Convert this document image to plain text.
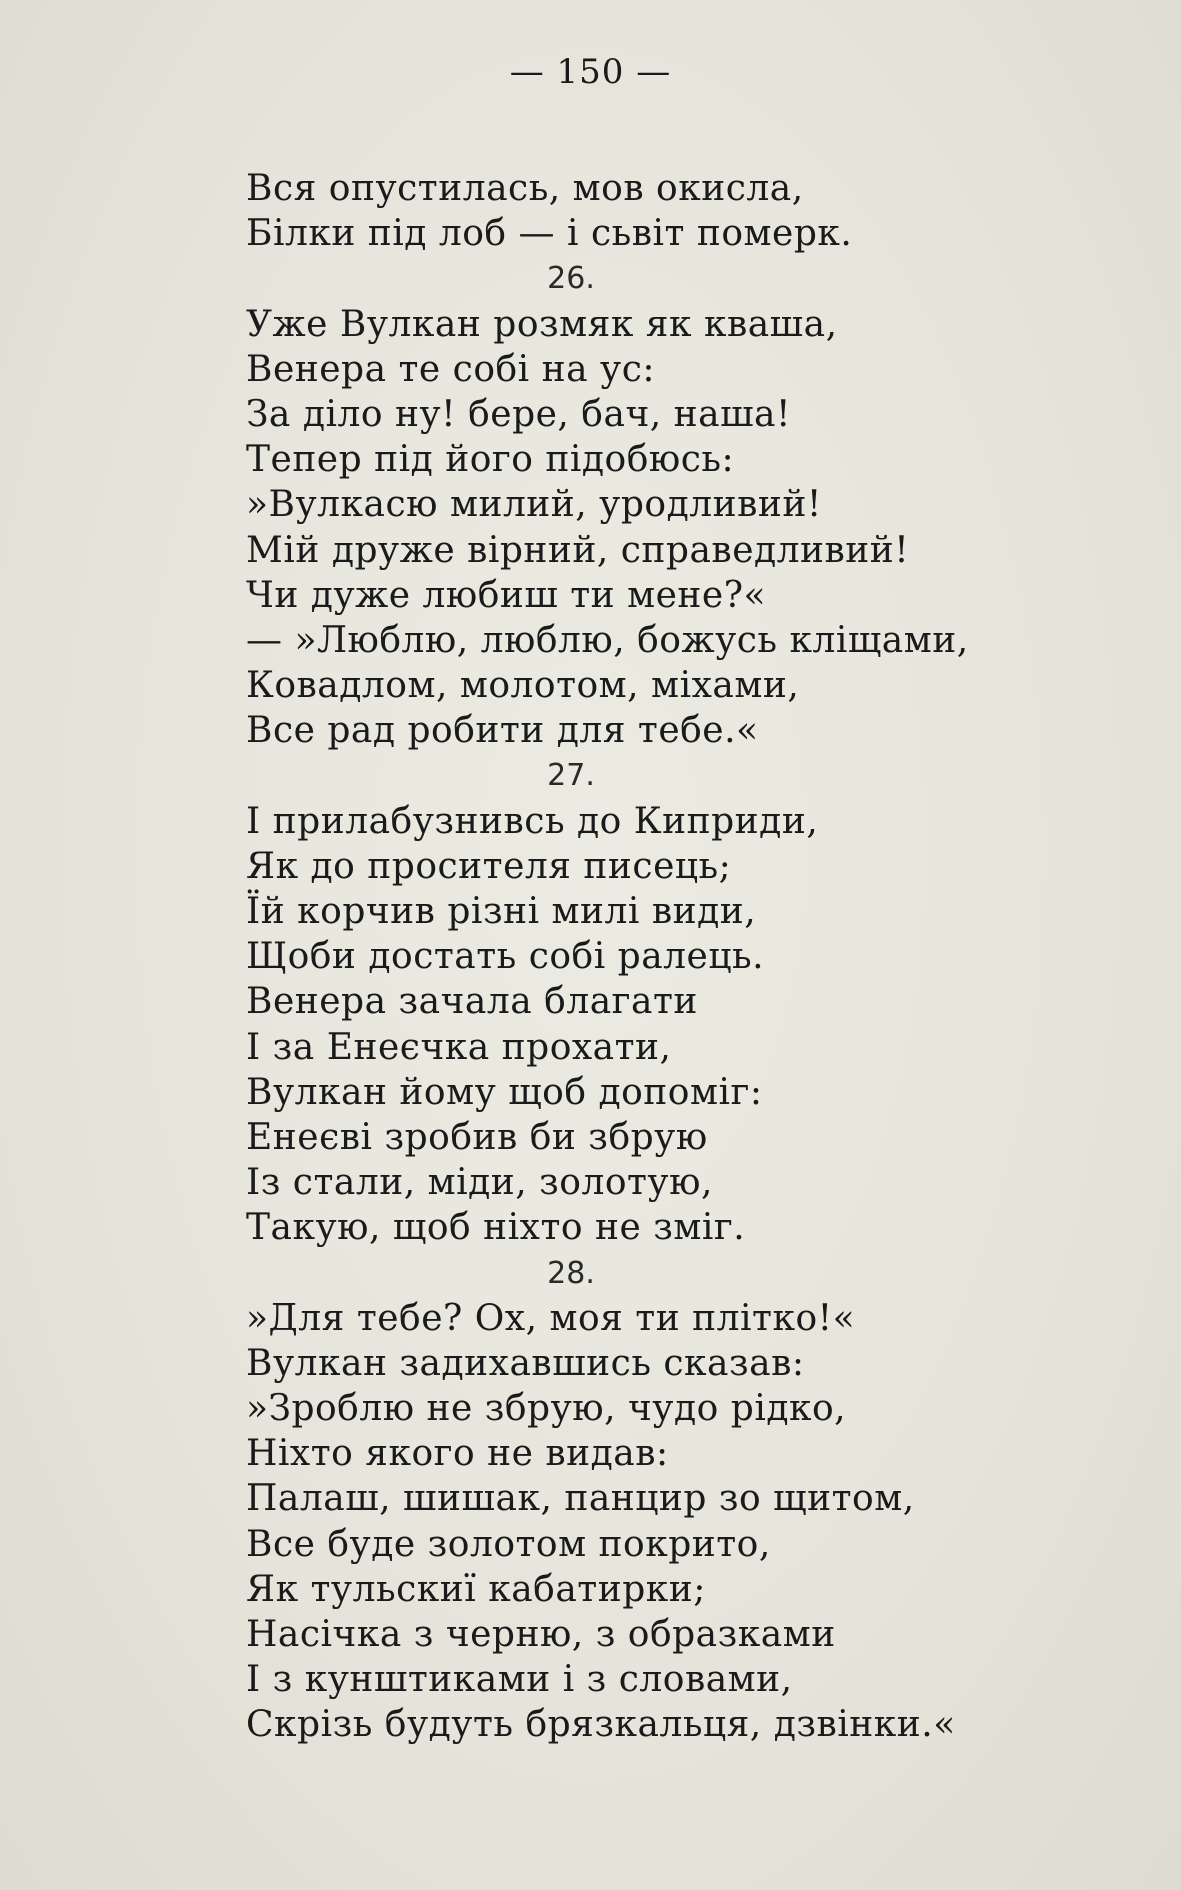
— 150 —
Вся опустилась, мов окисла,
Білки під лоб — і сьвіт померк.
26.
Уже Вулкан розмяк як кваша,
Венера те собі на ус:
За діло ну! бере, бач, наша!
Тепер під його підобюсь:
»Вулкасю милий, уродливий!
Мій друже вірний, справедливий!
Чи дуже любиш ти мене?«
— »Люблю, люблю, божусь кліщами,
Ковадлом, молотом, міхами,
Все рад робити для тебе.«
27.
І прилабузнивсь до Киприди,
Як до просителя писець;
Їй корчив різні милі види,
Щоби достать собі ралець.
Венера зачала благати
І за Енеєчка прохати,
Вулкан йому щоб допоміг:
Енеєві зробив би збрую
Із стали, міди, золотую,
Такую, щоб ніхто не зміг.
28.
»Для тебе? Ох, моя ти плітко!«
Вулкан задихавшись сказав:
»Зроблю не збрую, чудо рідко,
Ніхто якого не видав:
Палаш, шишак, панцир зо щитом,
Все буде золотом покрито,
Як тульскиї кабатирки;
Насічка з черню, з образками
І з кунштиками і з словами,
Скрізь будуть брязкальця, дзвінки.«
